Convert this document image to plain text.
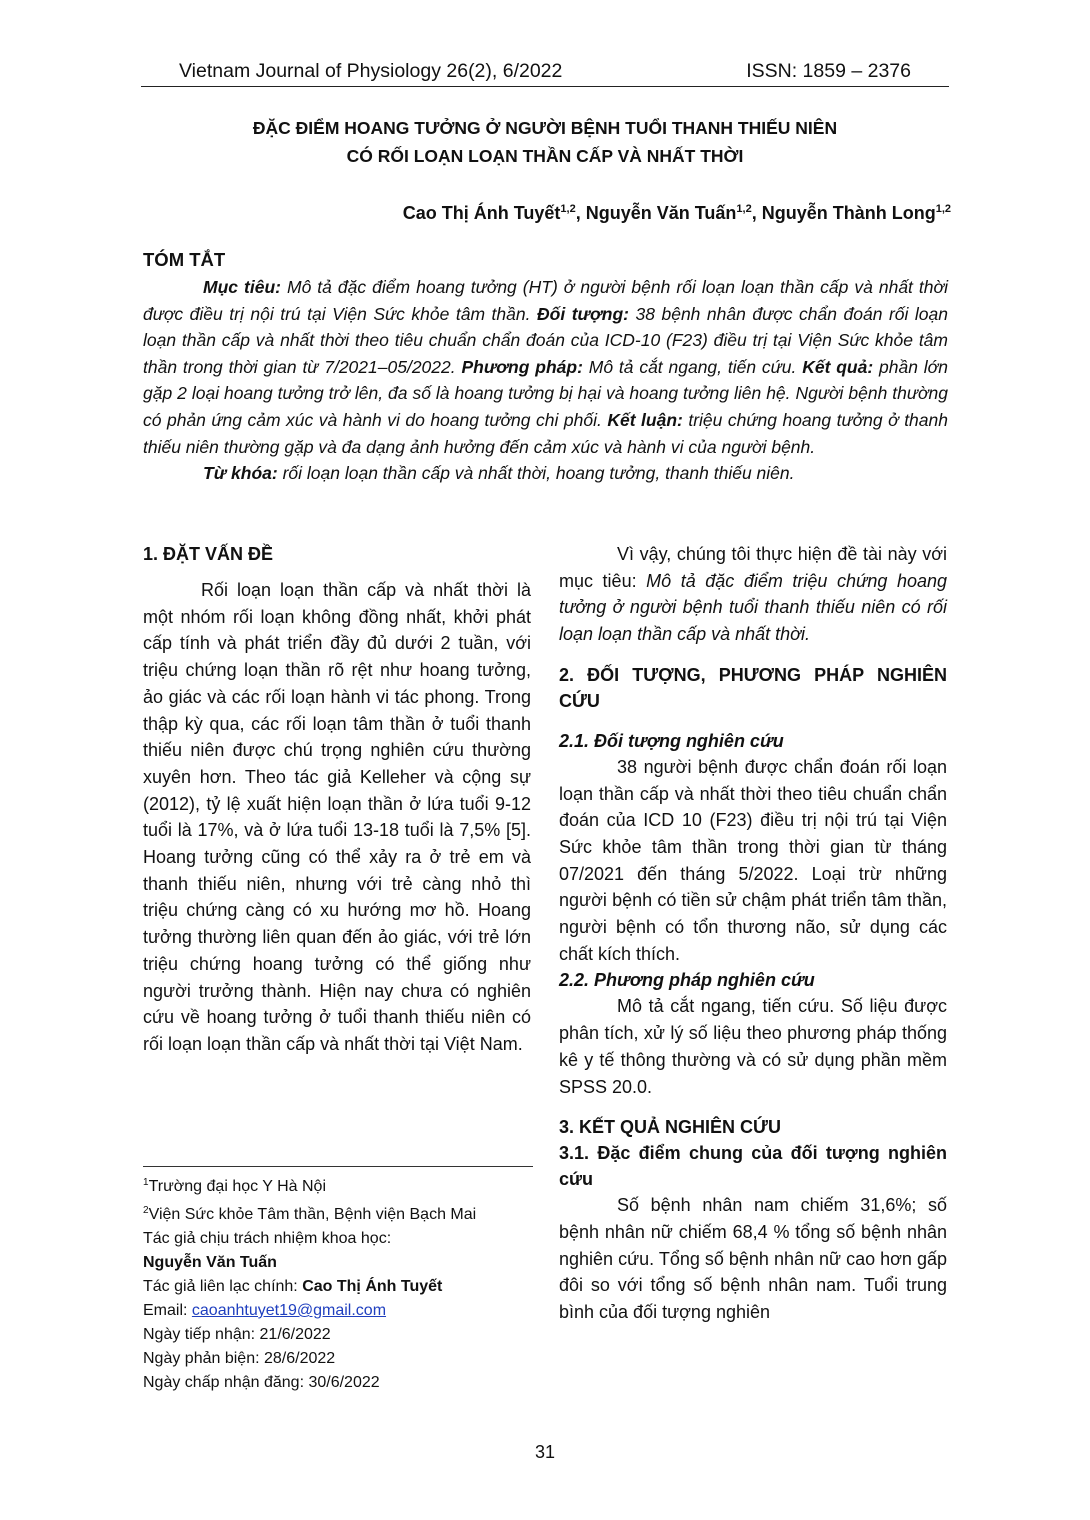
Vietnam Journal of Physiology 26(2), 6/2022	ISSN: 1859 – 2376
ĐẶC ĐIỂM HOANG TƯỞNG Ở NGƯỜI BỆNH TUỔI THANH THIẾU NIÊN
CÓ RỐI LOẠN LOẠN THẦN CẤP VÀ NHẤT THỜI
Cao Thị Ánh Tuyết$^{1,2}$, Nguyễn Văn Tuấn$^{1,2}$, Nguyễn Thành Long$^{1,2}$
TÓM TẮT

Mục tiêu: Mô tả đặc điểm hoang tưởng (HT) ở người bệnh rối loạn loạn thần cấp và nhất thời được điều trị nội trú tại Viện Sức khỏe tâm thần. Đối tượng: 38 bệnh nhân được chẩn đoán rối loạn loạn thần cấp và nhất thời theo tiêu chuẩn chẩn đoán của ICD-10 (F23) điều trị tại Viện Sức khỏe tâm thần trong thời gian từ 7/2021–05/2022. Phương pháp: Mô tả cắt ngang, tiến cứu. Kết quả: phần lớn gặp 2 loại hoang tưởng trở lên, đa số là hoang tưởng bị hại và hoang tưởng liên hệ. Người bệnh thường có phản ứng cảm xúc và hành vi do hoang tưởng chi phối. Kết luận: triệu chứng hoang tưởng ở thanh thiếu niên thường gặp và đa dạng ảnh hưởng đến cảm xúc và hành vi của người bệnh.

Từ khóa: rối loạn loạn thần cấp và nhất thời, hoang tưởng, thanh thiếu niên.

1. ĐẶT VẤN ĐỀ

Rối loạn loạn thần cấp và nhất thời là một nhóm rối loạn không đồng nhất, khởi phát cấp tính và phát triển đầy đủ dưới 2 tuần, với triệu chứng loạn thần rõ rệt như hoang tưởng, ảo giác và các rối loạn hành vi tác phong. Trong thập kỳ qua, các rối loạn tâm thần ở tuổi thanh thiếu niên được chú trọng nghiên cứu thường xuyên hơn. Theo tác giả Kelleher và cộng sự (2012), tỷ lệ xuất hiện loạn thần ở lứa tuổi 9-12 tuổi là 17%, và ở lứa tuổi 13-18 tuổi là 7,5% [5]. Hoang tưởng cũng có thể xảy ra ở trẻ em và thanh thiếu niên, nhưng với trẻ càng nhỏ thì triệu chứng càng có xu hướng mơ hồ. Hoang tưởng thường liên quan đến ảo giác, với trẻ lớn triệu chứng hoang tưởng có thể giống như người trưởng thành. Hiện nay chưa có nghiên cứu về hoang tưởng ở tuổi thanh thiếu niên có rối loạn loạn thần cấp và nhất thời tại Việt Nam.

$^1$Trường đại học Y Hà Nội
$^2$Viện Sức khỏe Tâm thần, Bệnh viện Bạch Mai
Tác giả chịu trách nhiệm khoa học:
Nguyễn Văn Tuấn
Tác giả liên lạc chính: Cao Thị Ánh Tuyết
Email: caoanhtuyet19@gmail.com
Ngày tiếp nhận: 21/6/2022
Ngày phản biện: 28/6/2022
Ngày chấp nhận đăng: 30/6/2022

Vì vậy, chúng tôi thực hiện đề tài này với mục tiêu: Mô tả đặc điểm triệu chứng hoang tưởng ở người bệnh tuổi thanh thiếu niên có rối loạn loạn thần cấp và nhất thời.

2. ĐỐI TƯỢNG, PHƯƠNG PHÁP NGHIÊN CỨU
2.1. Đối tượng nghiên cứu

38 người bệnh được chẩn đoán rối loạn loạn thần cấp và nhất thời theo tiêu chuẩn chẩn đoán của ICD 10 (F23) điều trị nội trú tại Viện Sức khỏe tâm thần trong thời gian từ tháng 07/2021 đến tháng 5/2022. Loại trừ những người bệnh có tiền sử chậm phát triển tâm thần, người bệnh có tổn thương não, sử dụng các chất kích thích.

2.2. Phương pháp nghiên cứu

Mô tả cắt ngang, tiến cứu. Số liệu được phân tích, xử lý số liệu theo phương pháp thống kê y tế thông thường và có sử dụng phần mềm SPSS 20.0.

3. KẾT QUẢ NGHIÊN CỨU
3.1. Đặc điểm chung của đối tượng nghiên cứu

Số bệnh nhân nam chiếm 31,6%; số bệnh nhân nữ chiếm 68,4 % tổng số bệnh nhân nghiên cứu. Tổng số bệnh nhân nữ cao hơn gấp đôi so với tổng số bệnh nhân nam. Tuổi trung bình của đối tượng nghiên

31
